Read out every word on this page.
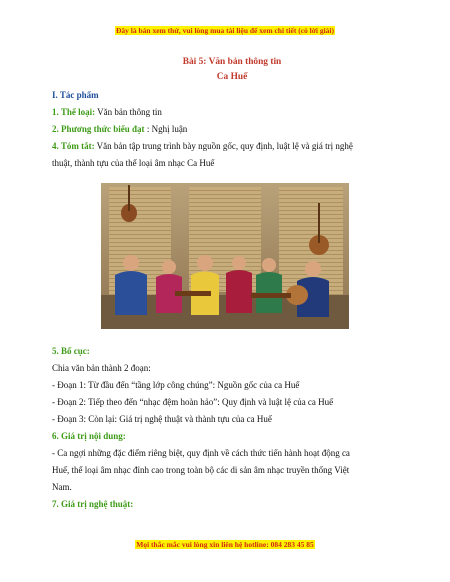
Đây là bản xem thử, vui lòng mua tài liệu để xem chi tiết (có lời giải)
Bài 5: Văn bản thông tin
Ca Huế
I. Tác phẩm
1. Thể loại: Văn bản thông tin
2. Phương thức biểu đạt : Nghị luận
4. Tóm tắt: Văn bản tập trung trình bày nguồn gốc, quy định, luật lệ và giá trị nghệ
thuật, thành tựu của thể loại âm nhạc Ca Huế
5. Bố cục:
Chia văn bản thành 2 đoạn:
- Đoạn 1: Từ đầu đến “tầng lớp công chúng”: Nguồn gốc của ca Huế
- Đoạn 2: Tiếp theo đến “nhạc đệm hoàn hảo”: Quy định và luật lệ của ca Huế
- Đoạn 3: Còn lại: Giá trị nghệ thuật và thành tựu của ca Huế
6. Giá trị nội dung:
- Ca ngợi những đặc điểm riêng biệt, quy định về cách thức tiến hành hoạt động ca
Huế, thể loại âm nhạc đỉnh cao trong toàn bộ các di sản âm nhạc truyền thống Việt
Nam.
7. Giá trị nghệ thuật:
Mọi thắc mắc vui lòng xin liên hệ hotline: 084 283 45 85
